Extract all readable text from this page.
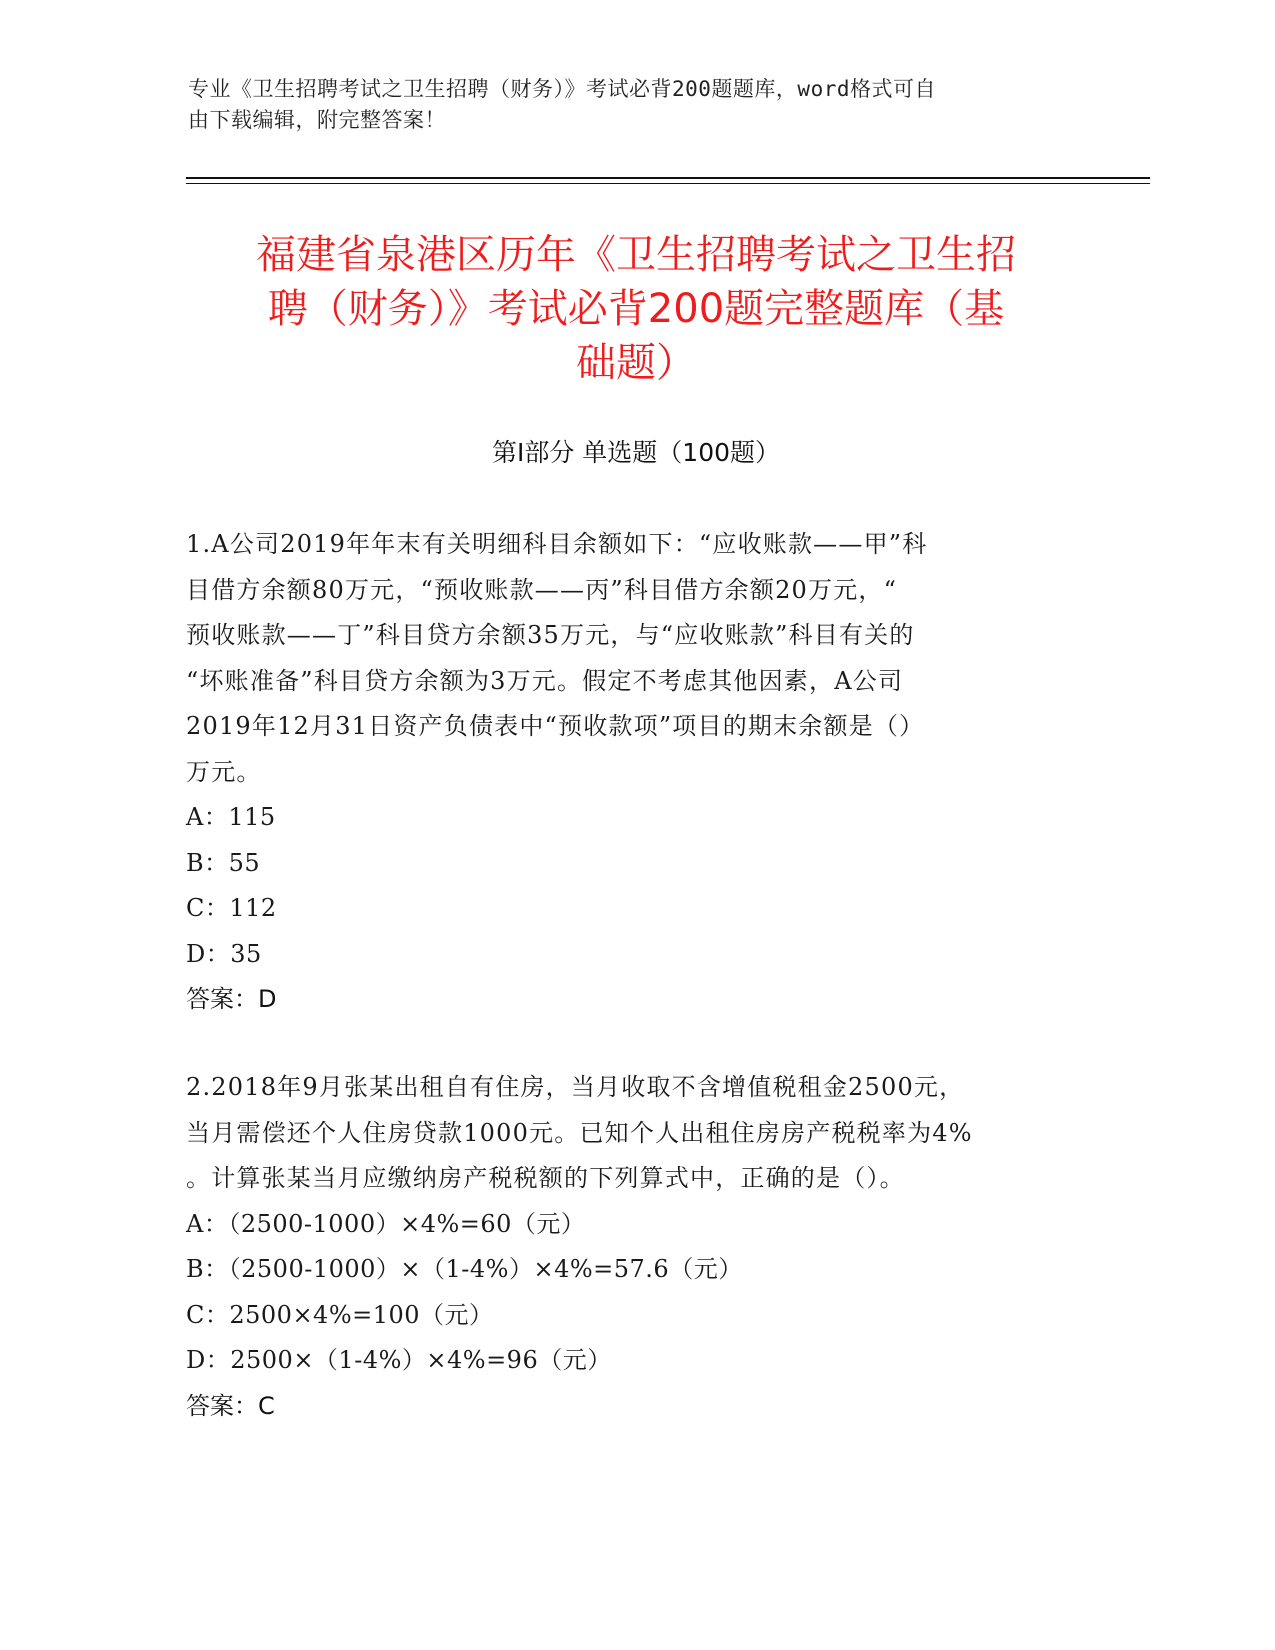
专业《卫生招聘考试之卫生招聘（财务）》考试必背200题题库，word格式可自
由下载编辑，附完整答案！
福建省泉港区历年《卫生招聘考试之卫生招
聘（财务）》考试必背200题完整题库（基
础题）
第Ⅰ部分 单选题（100题）
1.A公司2019年年末有关明细科目余额如下：“应收账款——甲”科
目借方余额80万元，“预收账款——丙”科目借方余额20万元，“
预收账款——丁”科目贷方余额35万元，与“应收账款”科目有关的
“坏账准备”科目贷方余额为3万元。假定不考虑其他因素，A公司
2019年12月31日资产负债表中“预收款项”项目的期末余额是（）
万元。
A：115
B：55
C：112
D：35
答案：D
2.2018年9月张某出租自有住房，当月收取不含增值税租金2500元，
当月需偿还个人住房贷款1000元。已知个人出租住房房产税税率为4%
。计算张某当月应缴纳房产税税额的下列算式中，正确的是（）。
A：（2500-1000）×4%=60（元）
B：（2500-1000）×（1-4%）×4%=57.6（元）
C：2500×4%=100（元）
D：2500×（1-4%）×4%=96（元）
答案：C
